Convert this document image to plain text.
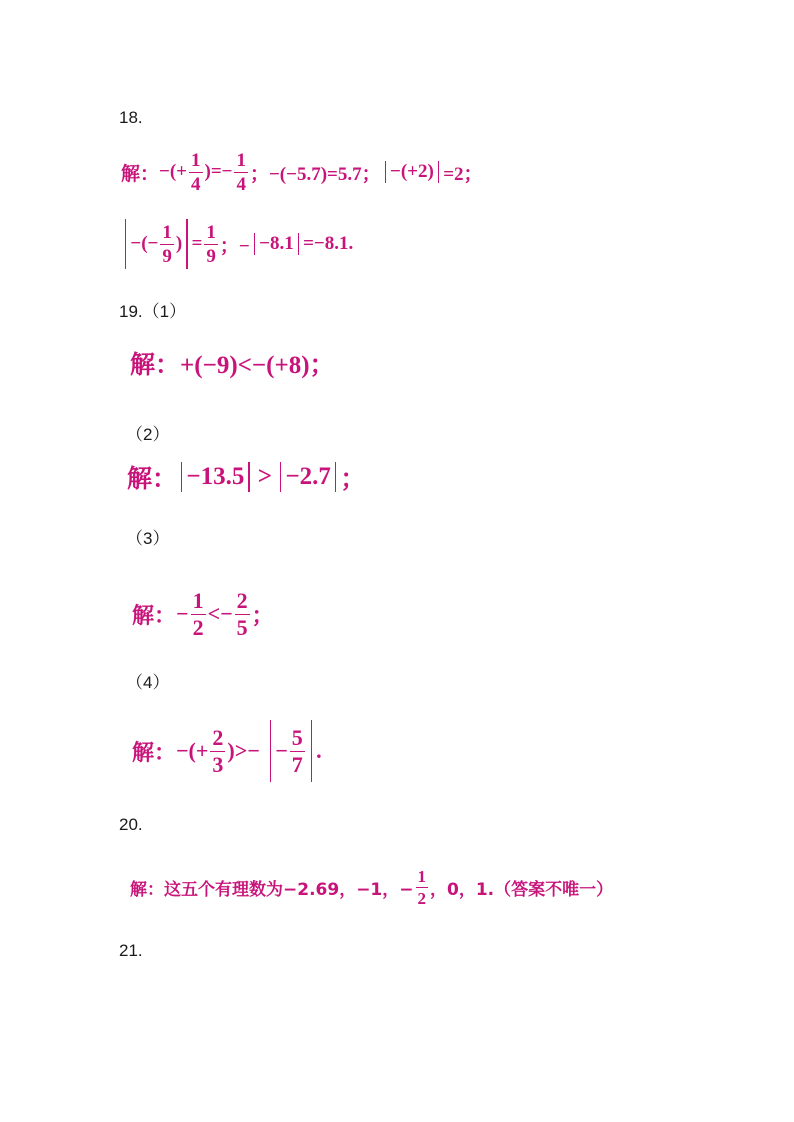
18.
解： −(+ $\frac{1}{4}$ )=− $\frac{1}{4}$ ；−(−5.7)=5.7； −(+2) =2；
−(− $\frac{1}{9}$ ) = $\frac{1}{9}$ ；− −8.1 =−8.1.
19.（1）
解： +(−9)<−(+8)；
（2）
解： −13.5 > −2.7 ；
（3）
解： − $\frac{1}{2} <- \frac{2}{5}$ ；
（4）
解： −(+ $\frac{2}{3}$ )>− − $\frac{5}{7}$ .
20.
解： 这五个有理数为−2.69，−1，− $\frac{1}{2}$ ，0，1.（答案不唯一）
21.
